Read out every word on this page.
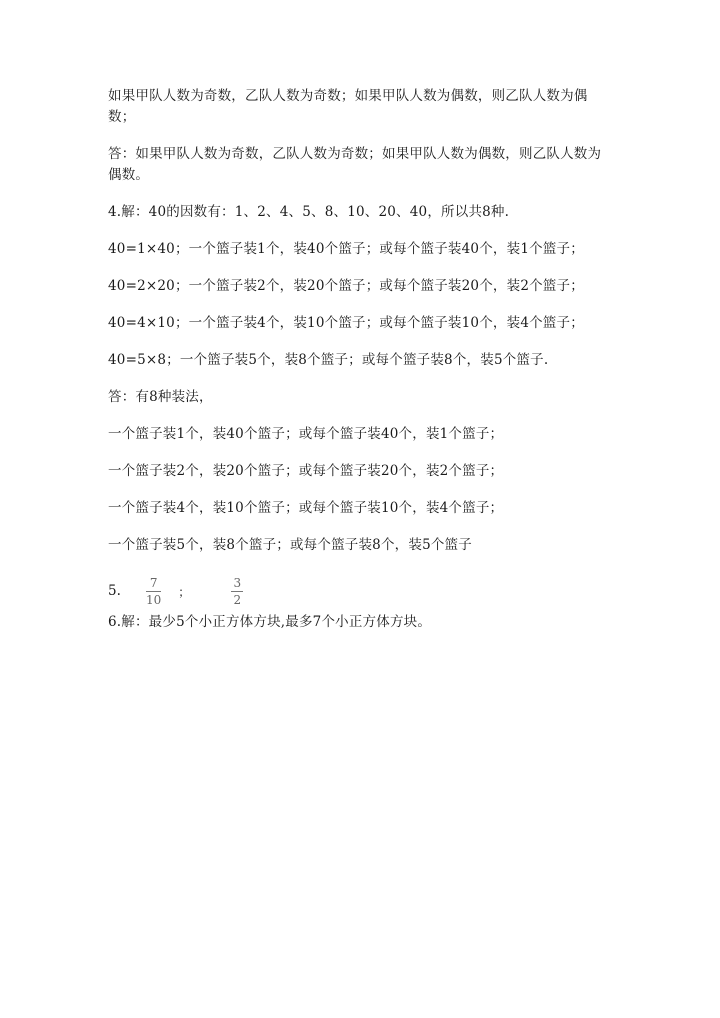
如果甲队人数为奇数，乙队人数为奇数；如果甲队人数为偶数，则乙队人数为偶数；

答：如果甲队人数为奇数，乙队人数为奇数；如果甲队人数为偶数，则乙队人数为偶数。

4.解：40的因数有：1、2、4、5、8、10、20、40，所以共8种.

40=1×40；一个篮子装1个，装40个篮子；或每个篮子装40个，装1个篮子；

40=2×20；一个篮子装2个，装20个篮子；或每个篮子装20个，装2个篮子；

40=4×10；一个篮子装4个，装10个篮子；或每个篮子装10个，装4个篮子；

40=5×8；一个篮子装5个，装8个篮子；或每个篮子装8个，装5个篮子.

答：有8种装法，

一个篮子装1个，装40个篮子；或每个篮子装40个，装1个篮子；

一个篮子装2个，装20个篮子；或每个篮子装20个，装2个篮子；

一个篮子装4个，装10个篮子；或每个篮子装10个，装4个篮子；

一个篮子装5个，装8个篮子；或每个篮子装8个，装5个篮子

5.	$\frac{7}{10}$	；	$\frac{3}{2}$

6.解：最少5个小正方体方块,最多7个小正方体方块。
